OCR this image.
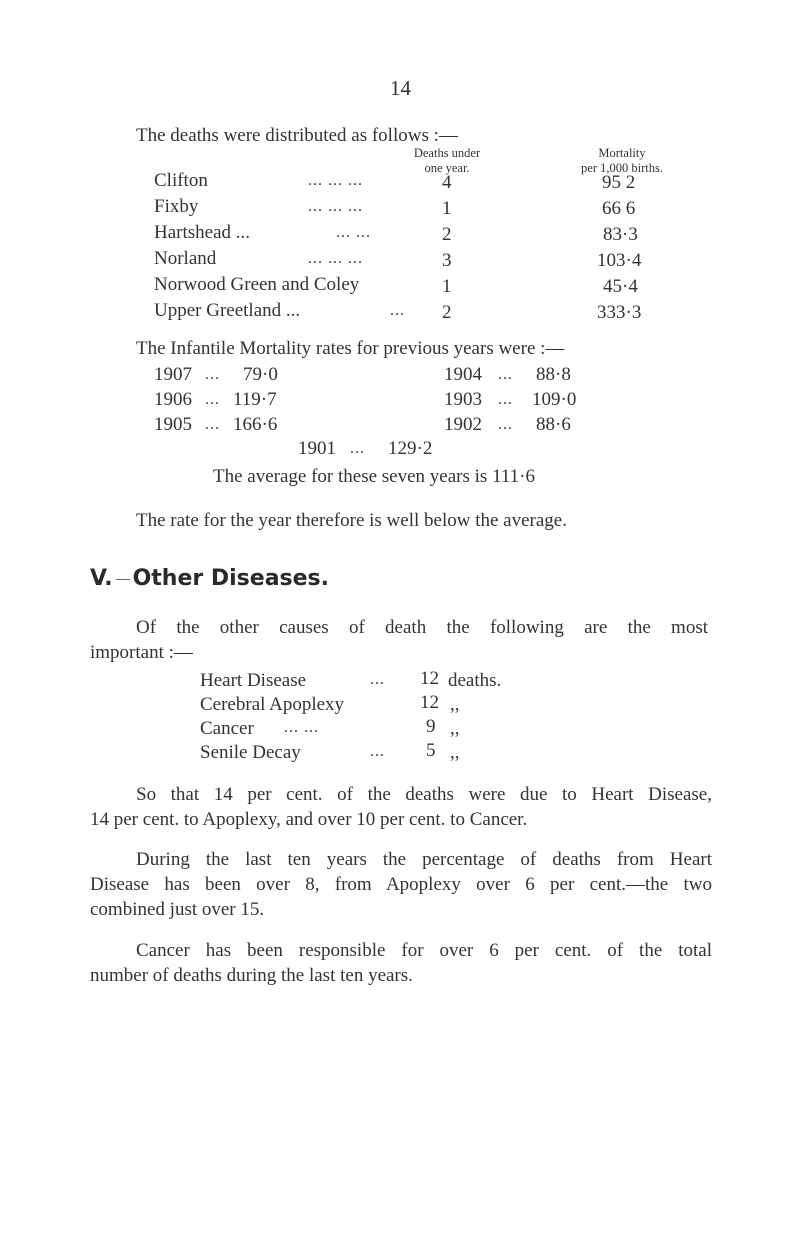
14
The deaths were distributed as follows :—
Deaths under
one year.
Mortality
per 1,000 births.
Clifton	... ... ...	4	95 2
Fixby	... ... ...	1	66 6
Hartshead ...	... ...	2	83·3
Norland	... ... ...	3	103·4
Norwood Green and Coley	1	45·4
Upper Greetland ...	... 2	333·3
The Infantile Mortality rates for previous years were :—
1907 ... 79·0
1906 ... 119·7
1905 ... 166·6
1904 ... 88·8
1903 ... 109·0
1902 ... 88·6
1901 ... 129·2
The average for these seven years is 111·6
The rate for the year therefore is well below the average.
V. Other Diseases.
Of the other causes of death the following are the most
important :—
Heart Disease	... 12 deaths.
Cerebral Apoplexy	12 ,,
Cancer ... ...	9 ,,
Senile Decay	... 5 ,,
So that 14 per cent. of the deaths were due to Heart Disease,
14 per cent. to Apoplexy, and over 10 per cent. to Cancer.
During the last ten years the percentage of deaths from Heart
Disease has been over 8, from Apoplexy over 6 per cent.—the two
combined just over 15.
Cancer has been responsible for over 6 per cent. of the total
number of deaths during the last ten years.
